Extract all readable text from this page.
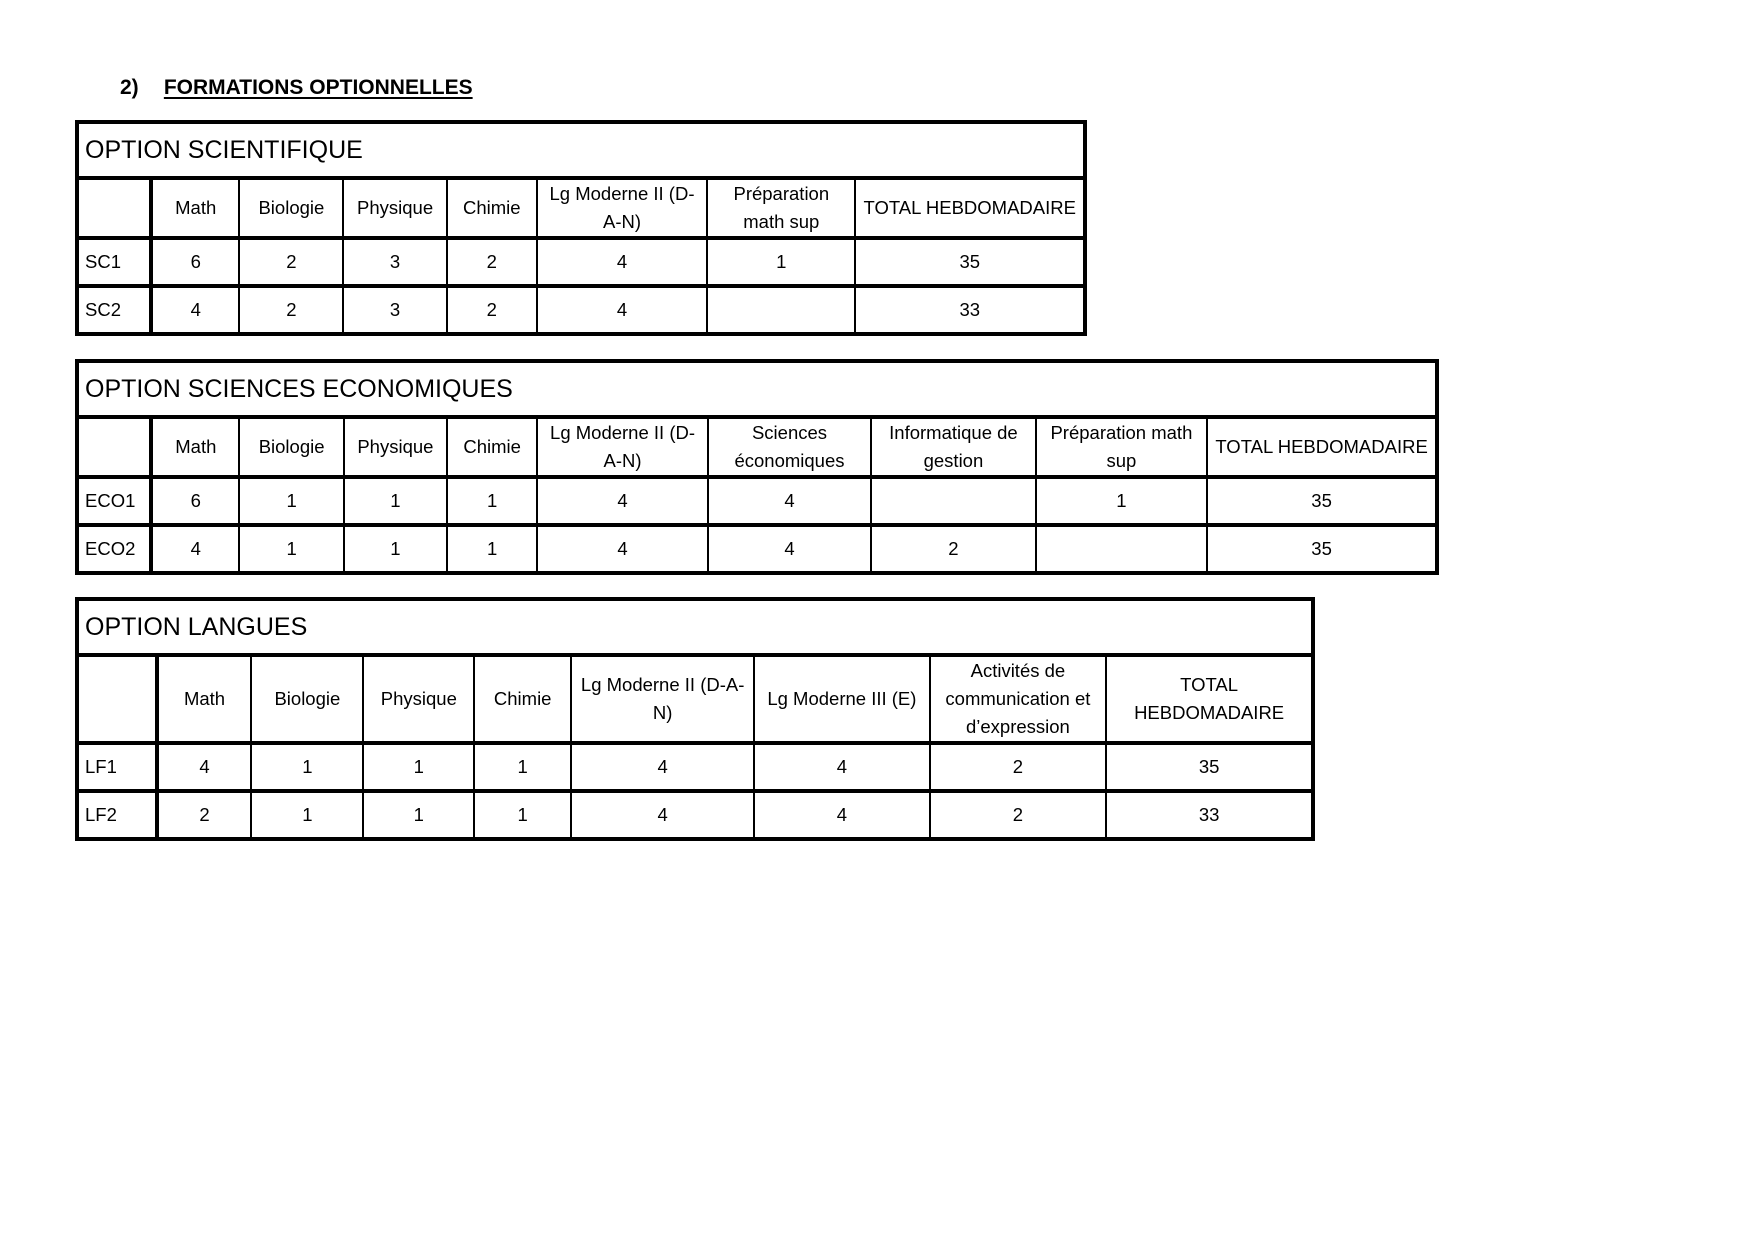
2) FORMATIONS OPTIONNELLES
OPTION SCIENTIFIQUE							
	Math	Biologie	Physique	Chimie	Lg Moderne II (D-A-N)	Préparation math sup	TOTAL HEBDOMADAIRE
SC1	6	2	3	2	4	1	35
SC2	4	2	3	2	4		33
OPTION SCIENCES ECONOMIQUES									
	Math	Biologie	Physique	Chimie	Lg Moderne II (D-A-N)	Sciences économiques	Informatique de gestion	Préparation math sup	TOTAL HEBDOMADAIRE
ECO1	6	1	1	1	4	4		1	35
ECO2	4	1	1	1	4	4	2		35
OPTION LANGUES								
	Math	Biologie	Physique	Chimie	Lg Moderne II (D-A-N)	Lg Moderne III (E)	Activités de communication et d’expression	TOTAL HEBDOMADAIRE
LF1	4	1	1	1	4	4	2	35
LF2	2	1	1	1	4	4	2	33
